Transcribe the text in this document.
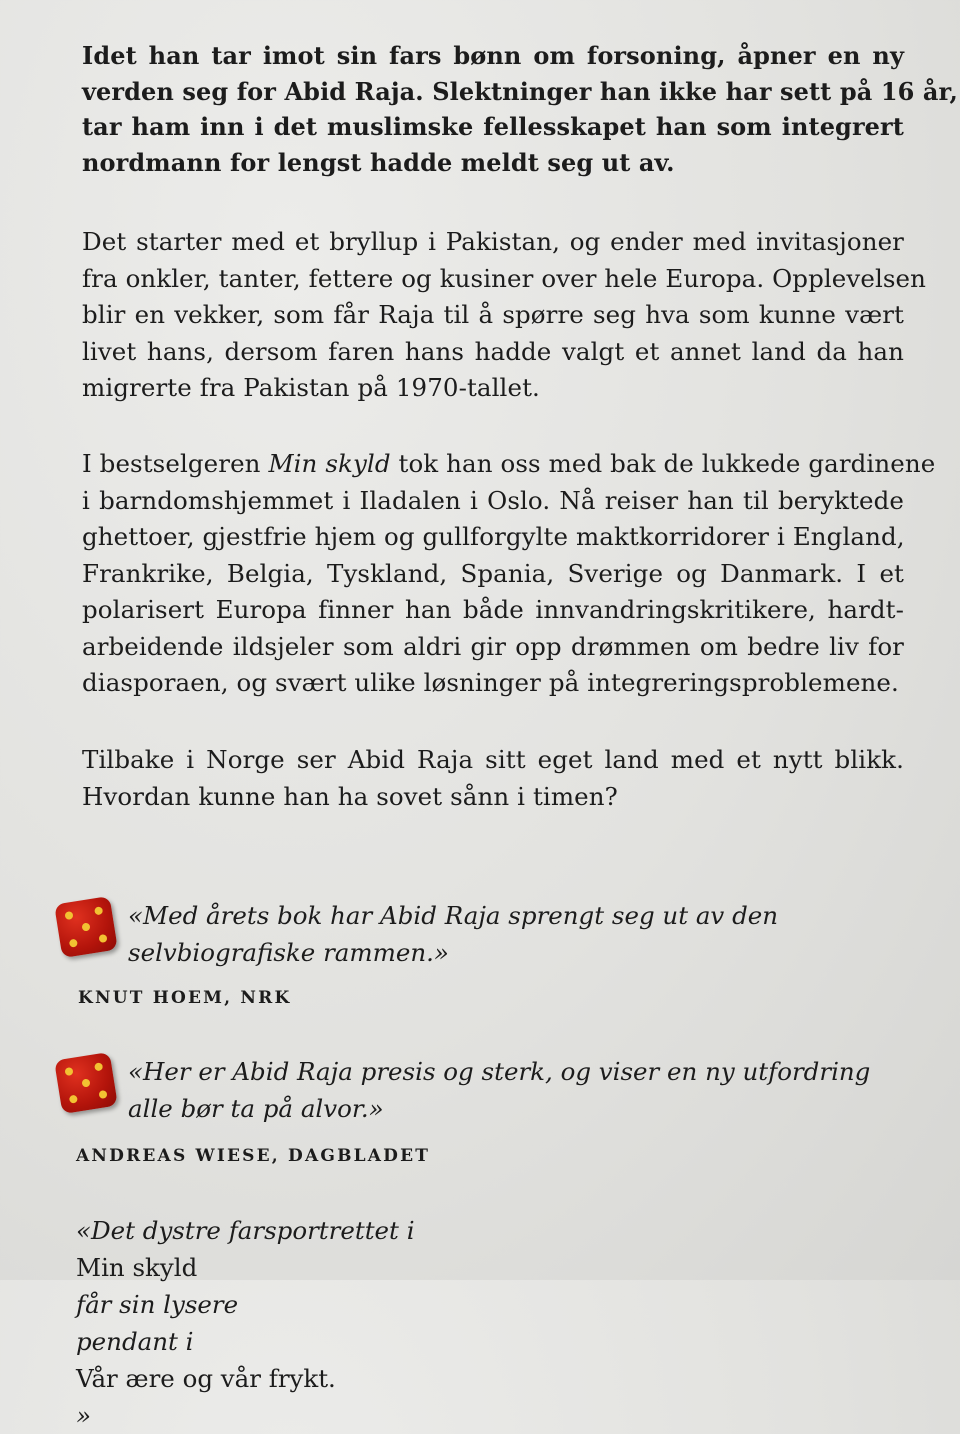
Idet han tar imot sin fars bønn om forsoning, åpner en ny
verden seg for Abid Raja. Slektninger han ikke har sett på 16 år,
tar ham inn i det muslimske fellesskapet han som integrert
nordmann for lengst hadde meldt seg ut av.
Det starter med et bryllup i Pakistan, og ender med invitasjoner
fra onkler, tanter, fettere og kusiner over hele Europa. Opplevelsen
blir en vekker, som får Raja til å spørre seg hva som kunne vært
livet hans, dersom faren hans hadde valgt et annet land da han
migrerte fra Pakistan på 1970-tallet.
I bestselgeren Min skyld tok han oss med bak de lukkede gardinene
i barndomshjemmet i Iladalen i Oslo. Nå reiser han til beryktede
ghettoer, gjestfrie hjem og gullforgylte maktkorridorer i England,
Frankrike, Belgia, Tyskland, Spania, Sverige og Danmark. I et
polarisert Europa finner han både innvandringskritikere, hardt-
arbeidende ildsjeler som aldri gir opp drømmen om bedre liv for
diasporaen, og svært ulike løsninger på integreringsproblemene.
Tilbake i Norge ser Abid Raja sitt eget land med et nytt blikk.
Hvordan kunne han ha sovet sånn i timen?
«Med årets bok har Abid Raja sprengt seg ut av den
selvbiografiske rammen.»

KNUT HOEM, NRK

«Her er Abid Raja presis og sterk, og viser en ny utfordring
alle bør ta på alvor.»

ANDREAS WIESE, DAGBLADET

«Det dystre farsportrettet i
Min skyld
får sin lysere
pendant i
Vår ære og vår frykt.
»
